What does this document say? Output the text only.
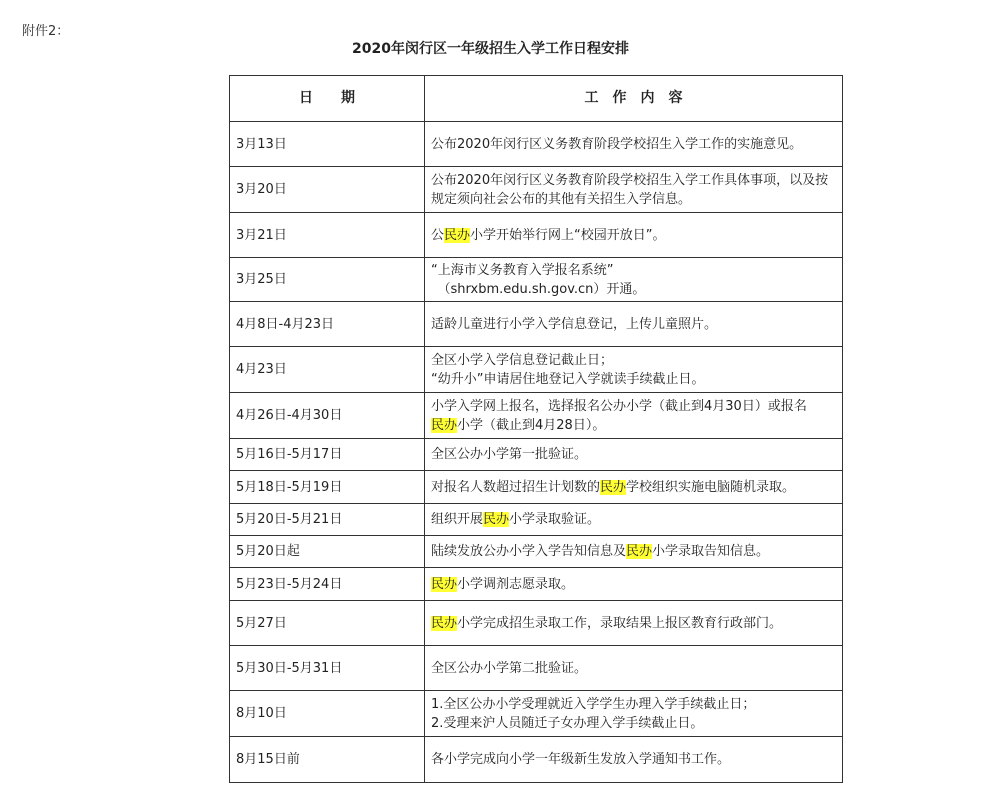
附件2：
2020年闵行区一年级招生入学工作日程安排
日　　期	工　作　内　容
3月13日	公布2020年闵行区义务教育阶段学校招生入学工作的实施意见。
3月20日	公布2020年闵行区义务教育阶段学校招生入学工作具体事项，以及按规定须向社会公布的其他有关招生入学信息。
3月21日	公民办小学开始举行网上“校园开放日”。
3月25日	“上海市义务教育入学报名系统”
　（shrxbm.edu.sh.gov.cn）开通。
4月8日-4月23日	适龄儿童进行小学入学信息登记，上传儿童照片。
4月23日	全区小学入学信息登记截止日；
“幼升小”申请居住地登记入学就读手续截止日。
4月26日-4月30日	小学入学网上报名，选择报名公办小学（截止到4月30日）或报名
民办小学（截止到4月28日）。
5月16日-5月17日	全区公办小学第一批验证。
5月18日-5月19日	对报名人数超过招生计划数的民办学校组织实施电脑随机录取。
5月20日-5月21日	组织开展民办小学录取验证。
5月20日起	陆续发放公办小学入学告知信息及民办小学录取告知信息。
5月23日-5月24日	民办小学调剂志愿录取。
5月27日	民办小学完成招生录取工作，录取结果上报区教育行政部门。
5月30日-5月31日	全区公办小学第二批验证。
8月10日	1.全区公办小学受理就近入学学生办理入学手续截止日；
2.受理来沪人员随迁子女办理入学手续截止日。
8月15日前	各小学完成向小学一年级新生发放入学通知书工作。
